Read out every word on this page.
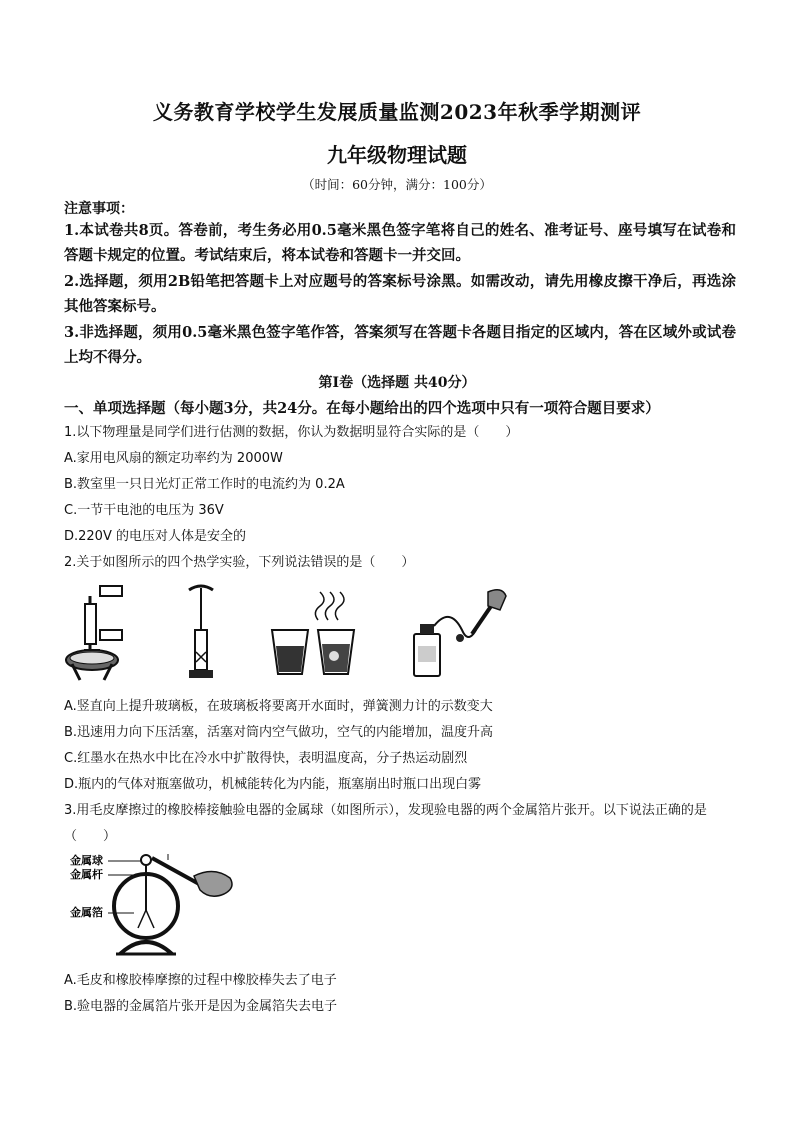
义务教育学校学生发展质量监测2023年秋季学期测评
九年级物理试题
（时间：60分钟，满分：100分）
注意事项：
1.本试卷共8页。答卷前，考生务必用0.5毫米黑色签字笔将自己的姓名、准考证号、座号填写在试卷和答题卡规定的位置。考试结束后，将本试卷和答题卡一并交回。
2.选择题，须用2B铅笔把答题卡上对应题号的答案标号涂黑。如需改动，请先用橡皮擦干净后，再选涂其他答案标号。
3.非选择题，须用0.5毫米黑色签字笔作答，答案须写在答题卡各题目指定的区域内，答在区域外或试卷上均不得分。
第Ⅰ卷（选择题 共40分）
一、单项选择题（每小题3分，共24分。在每小题给出的四个选项中只有一项符合题目要求）
1.以下物理量是同学们进行估测的数据，你认为数据明显符合实际的是（　　）
A.家用电风扇的额定功率约为 2000W
B.教室里一只日光灯正常工作时的电流约为 0.2A
C.一节干电池的电压为 36V
D.220V 的电压对人体是安全的
2.关于如图所示的四个热学实验，下列说法错误的是（　　）
A.竖直向上提升玻璃板，在玻璃板将要离开水面时，弹簧测力计的示数变大
B.迅速用力向下压活塞，活塞对筒内空气做功，空气的内能增加，温度升高
C.红墨水在热水中比在冷水中扩散得快，表明温度高，分子热运动剧烈
D.瓶内的气体对瓶塞做功，机械能转化为内能，瓶塞崩出时瓶口出现白雾
3.用毛皮摩擦过的橡胶棒接触验电器的金属球（如图所示），发现验电器的两个金属箔片张开。以下说法正确的是（　　）
金属球
金属杆
金属箔
A.毛皮和橡胶棒摩擦的过程中橡胶棒失去了电子
B.验电器的金属箔片张开是因为金属箔失去电子
